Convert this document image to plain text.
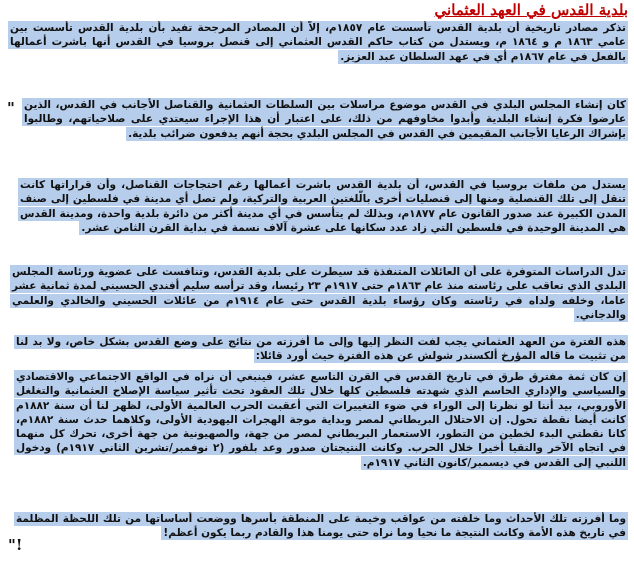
بلدية القدس في العهد العثماني

تذكر مصادر تاريخية أن بلدية القدس تأسست عام ١٨٥٧م، إلاّ أن المصادر المرجحة تفيد بأن بلدية القدس تأسست بين عامي ١٨٦٣ م و ١٨٦٤ م، ويستدل من كتاب حاكم القدس العثماني إلى قنصل بروسيا في القدس أنها باشرت أعمالها بالفعل في عام ١٨٦٧م أي في عهد السلطان عبد العزيز.

" كان إنشاء المجلس البلدي في القدس موضوع مراسلات بين السلطات العثمانية والقناصل الأجانب في القدس، الذين عارضوا فكرة إنشاء البلدية وأبدوا مخاوفهم من ذلك، على اعتبار أن هذا الإجراء سيعتدي على صلاحياتهم، وطالبوا بإشراك الرعايا الأجانب المقيمين في القدس في المجلس البلدي بحجة أنهم يدفعون ضرائب بلدية.

يستدل من ملفات بروسيا في القدس، أن بلدية القدس باشرت أعمالها رغم احتجاجات القناصل، وأن قراراتها كانت تنقل إلى تلك القنصلية ومنها إلى قنصليات أخرى بالّلغتين العربية والتركية، ولم تصل أي مدينة في فلسطين إلى صنف المدن الكبيرة عند صدور القانون عام ١٨٧٧م، وبذلك لم يتأسس في أي مدينة أكثر من دائرة بلدية واحدة، ومدينة القدس هي المدينة الوحيدة في فلسطين التي زاد عدد سكانها على عشرة آلاف نسمة في بداية القرن الثامن عشر.

تدل الدراسات المتوفرة على أن العائلات المتنفذة قد سيطرت على بلدية القدس، وتنافست على عضوية ورئاسة المجلس البلدي الذي تعاقب على رئاسته منذ عام ١٨٦٣م حتى ١٩١٧م ٢٣ رئيسا، وقد ترأسه سليم أفندي الحسيني لمدة ثمانية عشر عاما، وخلفه ولداه في رئاسته وكان رؤساء بلدية القدس حتى عام ١٩١٤م من عائلات الحسيني والخالدي والعلمي والدجاني.

هذه الفترة من العهد العثماني يجب لفت النظر إليها وإلى ما أفرزته من نتائج على وضع القدس بشكل خاص، ولا بد لنا من تثبيت ما قاله المؤرخ ألكسندر شولش عن هذه الفترة حيث أورد قائلا:

إن كان ثمة مفترق طرق في تاريخ القدس في القرن التاسع عشر، فينبغي أن نراه في الواقع الاجتماعي والاقتصادي والسياسي والإداري الحاسم الذي شهدته فلسطين كلها خلال تلك العقود تحت تأثير سياسة الإصلاح العثمانية والتغلغل الأوروبي، بيد أننا لو نظرنا إلى الوراء في ضوء التغييرات التي أعقبت الحرب العالمية الأولى، لظهر لنا أن سنة ١٨٨٢م كانت أيضا نقطة تحول. إن الاحتلال البريطاني لمصر وبداية موجة الهجرات اليهودية الأولى، وكلاهما حدث سنة ١٨٨٢م، كانا نقطتي البدء لخطين من التطور، الاستعمار البريطاني لمصر من جهة، والصهيونية من جهة أخرى، تحرك كل منهما في اتجاه الآخر والتقيا أخيرا خلال الحرب. وكانت النتيجتان صدور وعد بلفور (٢ نوفمبر/تشرين الثاني ١٩١٧م) ودخول اللنبي إلى القدس في ديسمبر/كانون الثاني ١٩١٧م.

وما أفرزته تلك الأحداث وما خلفته من عواقب وخيمة على المنطقة بأسرها ووضعت أساساتها من تلك اللحظة المظلمة في تاريخ هذه الأمة وكانت النتيجة ما نحيا وما نراه حتى يومنا هذا والقادم ربما يكون أعظم!

!"
